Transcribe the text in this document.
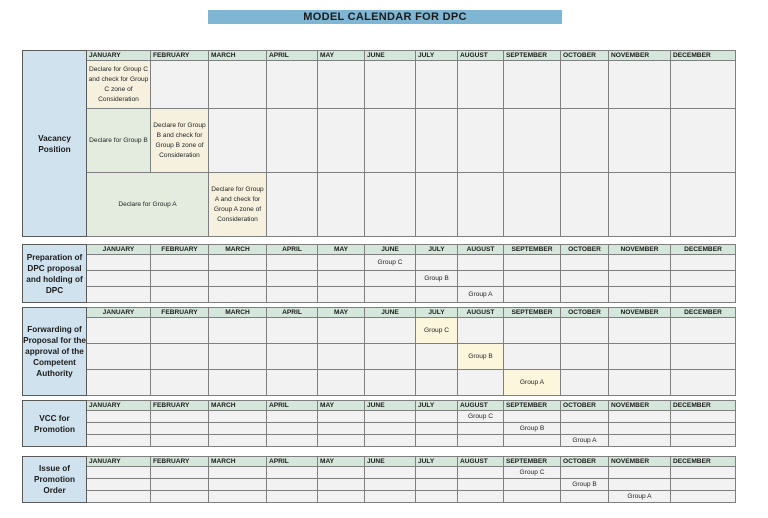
MODEL CALENDAR FOR DPC
Vacancy Position	JANUARY	FEBRUARY	MARCH	APRIL	MAY	JUNE	JULY	AUGUST	SEPTEMBER	OCTOBER	NOVEMBER	DECEMBER
	Declare for Group C and check for Group C zone of Consideration											
	Declare for Group B	Declare for Group B and check for Group B zone of Consideration										
	Declare for Group A		Declare for Group A and check for Group A zone of Consideration									
Preparation of DPC proposal and holding of DPC	JANUARY	FEBRUARY	MARCH	APRIL	MAY	JUNE	JULY	AUGUST	SEPTEMBER	OCTOBER	NOVEMBER	DECEMBER
						Group C						
							Group B					
								Group A				
Forwarding of Proposal for the approval of the Competent Authority	JANUARY	FEBRUARY	MARCH	APRIL	MAY	JUNE	JULY	AUGUST	SEPTEMBER	OCTOBER	NOVEMBER	DECEMBER
							Group C					
								Group B				
									Group A			
VCC for Promotion	JANUARY	FEBRUARY	MARCH	APRIL	MAY	JUNE	JULY	AUGUST	SEPTEMBER	OCTOBER	NOVEMBER	DECEMBER
								Group C				
									Group B			
										Group A		
Issue of Promotion Order	JANUARY	FEBRUARY	MARCH	APRIL	MAY	JUNE	JULY	AUGUST	SEPTEMBER	OCTOBER	NOVEMBER	DECEMBER
									Group C			
										Group B		
											Group A	
